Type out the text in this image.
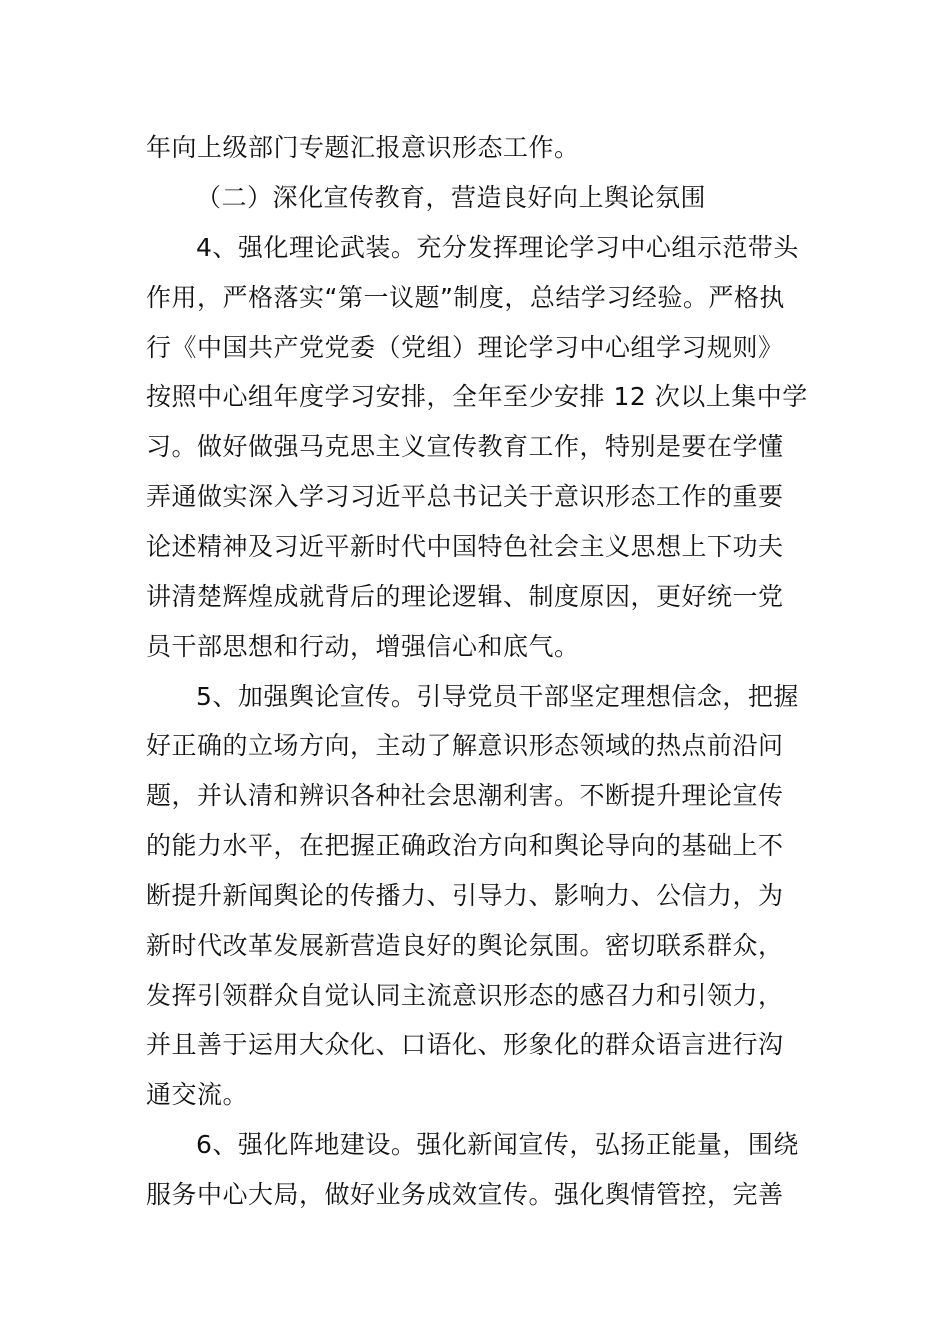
年向上级部门专题汇报意识形态工作。
（二）深化宣传教育，营造良好向上舆论氛围
4、强化理论武装。充分发挥理论学习中心组示范带头
作用，严格落实“第一议题”制度，总结学习经验。严格执
行《中国共产党党委（党组）理论学习中心组学习规则》
按照中心组年度学习安排，全年至少安排 12 次以上集中学
习。做好做强马克思主义宣传教育工作，特别是要在学懂
弄通做实深入学习习近平总书记关于意识形态工作的重要
论述精神及习近平新时代中国特色社会主义思想上下功夫
讲清楚辉煌成就背后的理论逻辑、制度原因，更好统一党
员干部思想和行动，增强信心和底气。
5、加强舆论宣传。引导党员干部坚定理想信念，把握
好正确的立场方向，主动了解意识形态领域的热点前沿问
题，并认清和辨识各种社会思潮利害。不断提升理论宣传
的能力水平，在把握正确政治方向和舆论导向的基础上不
断提升新闻舆论的传播力、引导力、影响力、公信力，为
新时代改革发展新营造良好的舆论氛围。密切联系群众，
发挥引领群众自觉认同主流意识形态的感召力和引领力，
并且善于运用大众化、口语化、形象化的群众语言进行沟
通交流。
6、强化阵地建设。强化新闻宣传，弘扬正能量，围绕
服务中心大局，做好业务成效宣传。强化舆情管控，完善
